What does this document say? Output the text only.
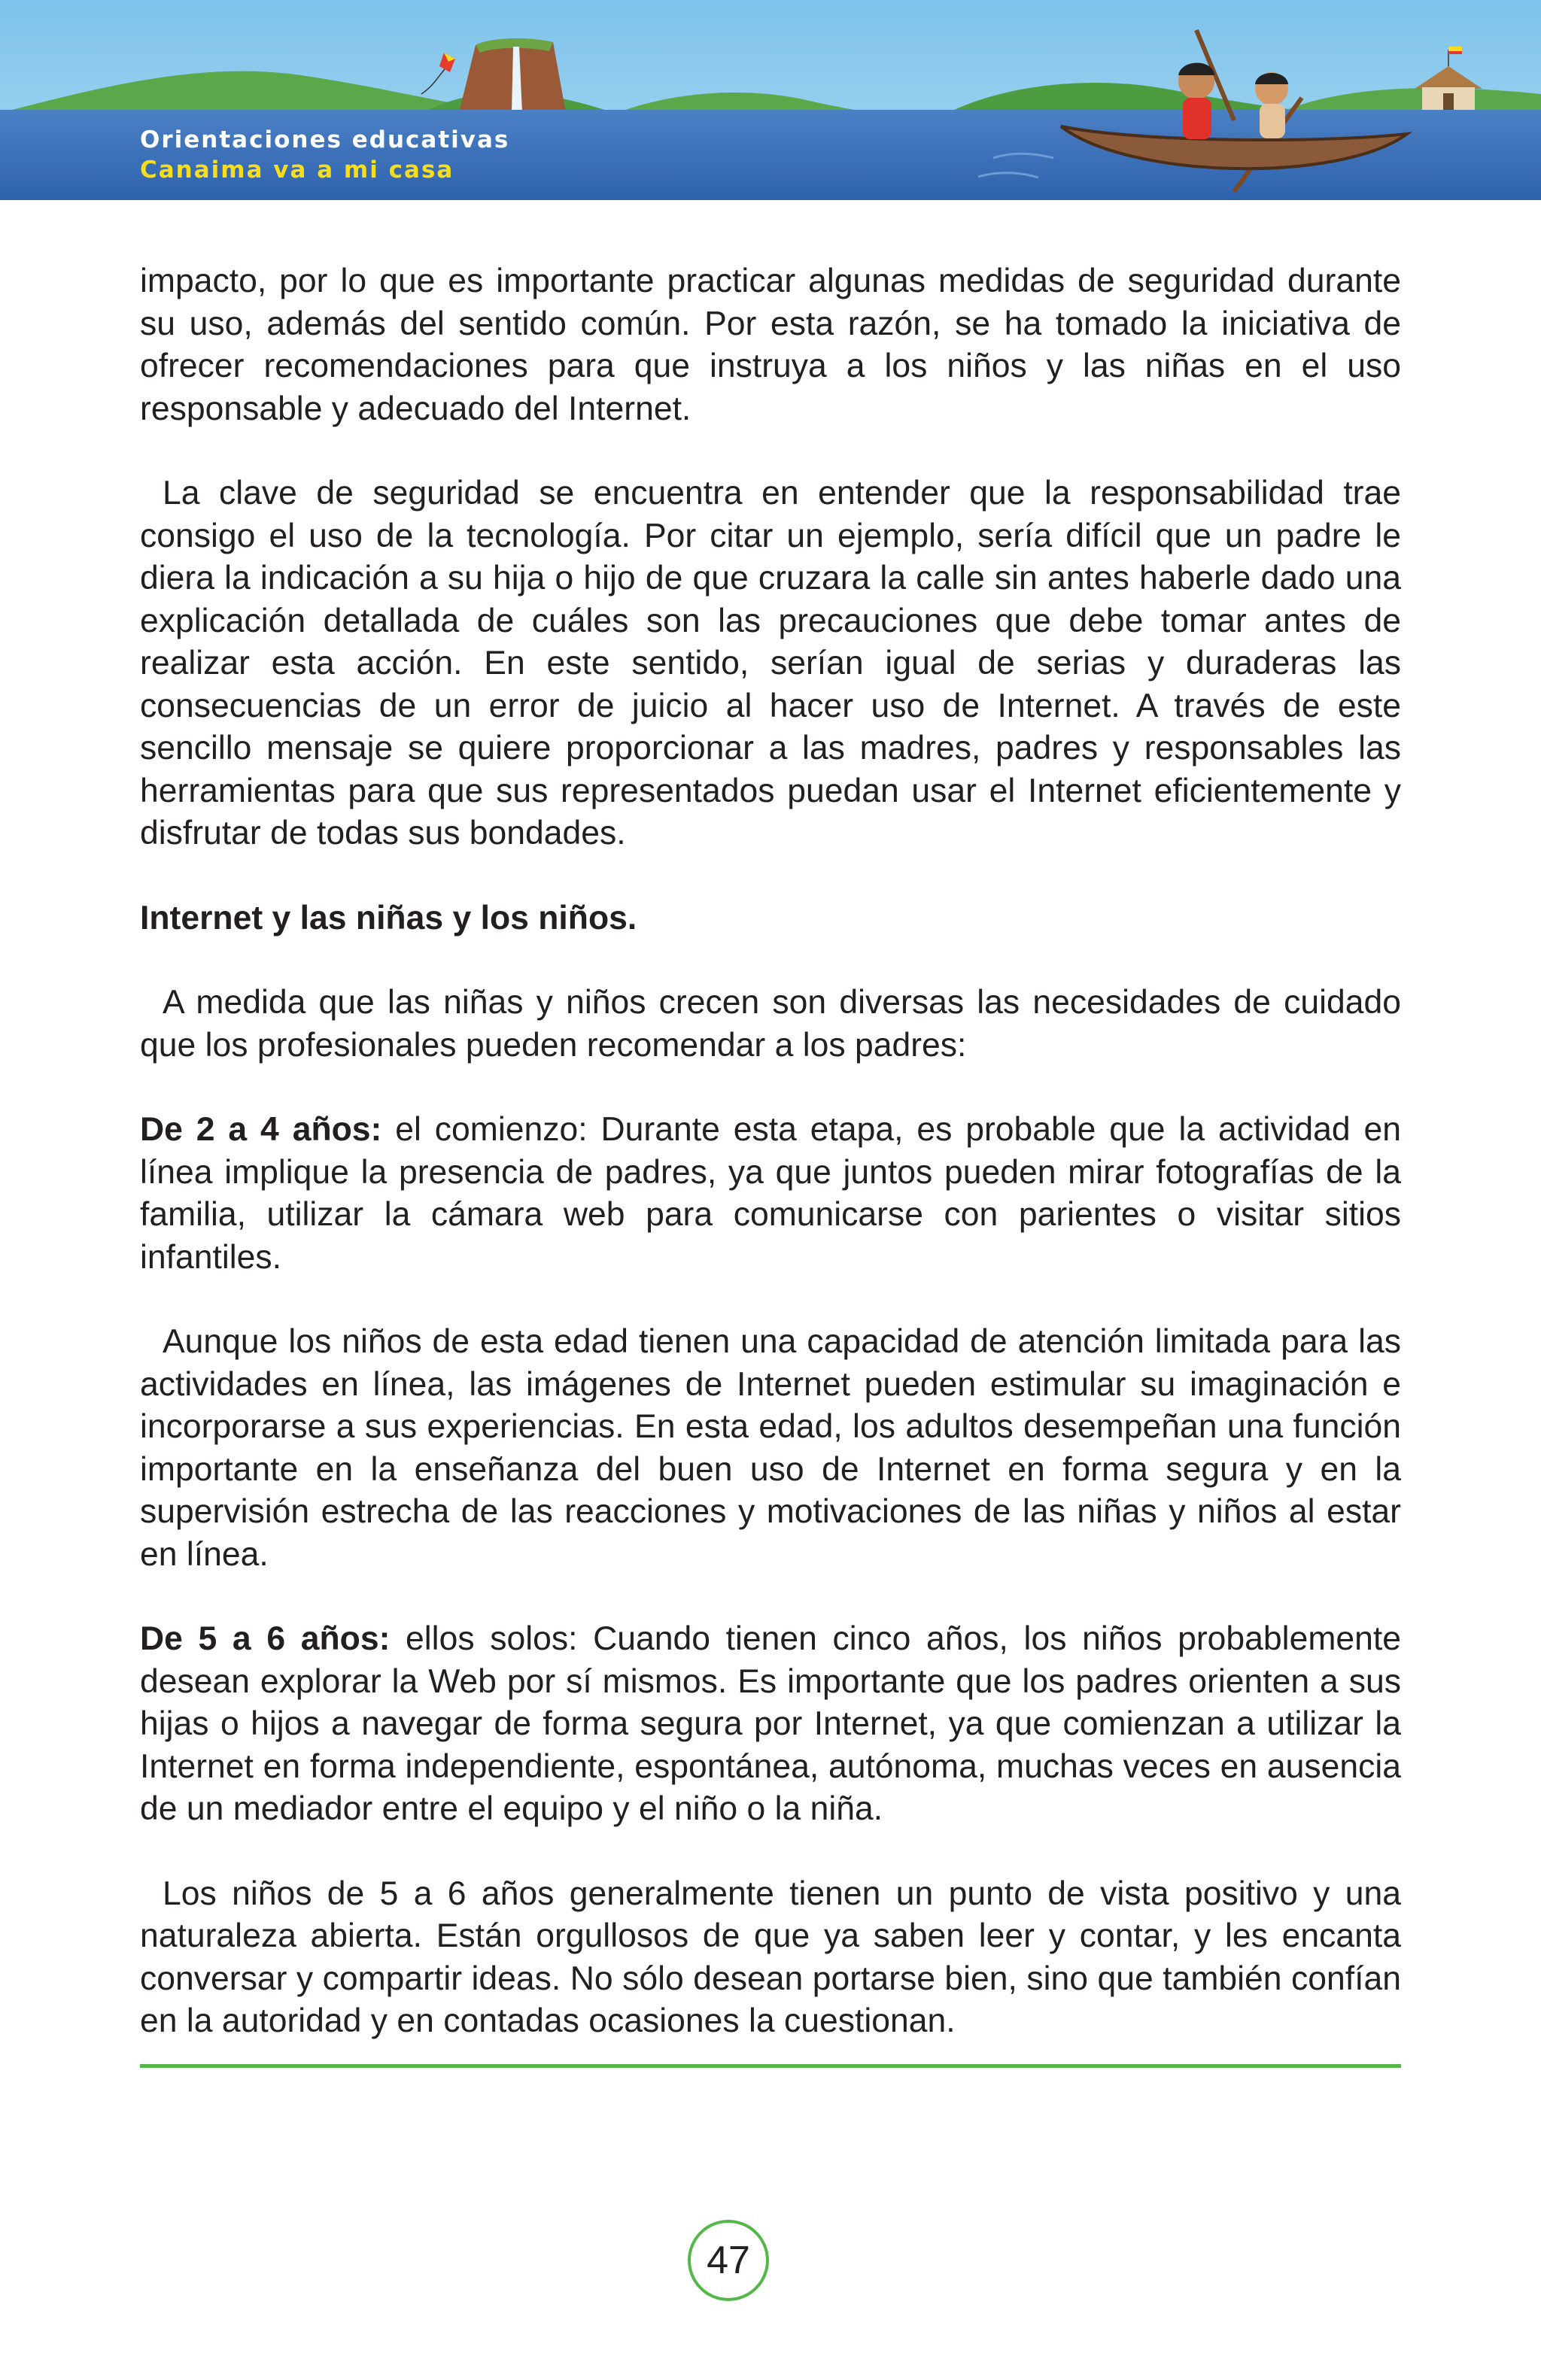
Orientaciones educativas
Canaima va a mi casa

impacto, por lo que es importante practicar algunas medidas de seguridad durante su uso, además del sentido común. Por esta razón, se ha tomado la iniciativa de ofrecer recomendaciones para que instruya a los niños y las niñas en el uso responsable y adecuado del Internet.

La clave de seguridad se encuentra en entender que la responsabilidad trae consigo el uso de la tecnología. Por citar un ejemplo, sería difícil que un padre le diera la indicación a su hija o hijo de que cruzara la calle sin antes haberle dado una explicación detallada de cuáles son las precauciones que debe tomar antes de realizar esta acción. En este sentido, serían igual de serias y duraderas las consecuencias de un error de juicio al hacer uso de Internet. A través de este sencillo mensaje se quiere proporcionar a las madres, padres y responsables las herramientas para que sus representados puedan usar el Internet eficientemente y disfrutar de todas sus bondades.

Internet y las niñas y los niños.

A medida que las niñas y niños crecen son diversas las necesidades de cuidado que los profesionales pueden recomendar a los padres:

De 2 a 4 años: el comienzo: Durante esta etapa, es probable que la actividad en línea implique la presencia de padres, ya que juntos pueden mirar fotografías de la familia, utilizar la cámara web para comunicarse con parientes o visitar sitios infantiles.

Aunque los niños de esta edad tienen una capacidad de atención limitada para las actividades en línea, las imágenes de Internet pueden estimular su imaginación e incorporarse a sus experiencias. En esta edad, los adultos desempeñan una función importante en la enseñanza del buen uso de Internet en forma segura y en la supervisión estrecha de las reacciones y motivaciones de las niñas y niños al estar en línea.

De 5 a 6 años: ellos solos: Cuando tienen cinco años, los niños probablemente desean explorar la Web por sí mismos. Es importante que los padres orienten a sus hijas o hijos a navegar de forma segura por Internet, ya que comienzan a utilizar la Internet en forma independiente, espontánea, autónoma, muchas veces en ausencia de un mediador entre el equipo y el niño o la niña.

Los niños de 5 a 6 años generalmente tienen un punto de vista positivo y una naturaleza abierta. Están orgullosos de que ya saben leer y contar, y les encanta conversar y compartir ideas. No sólo desean portarse bien, sino que también confían en la autoridad y en contadas ocasiones la cuestionan.

47
